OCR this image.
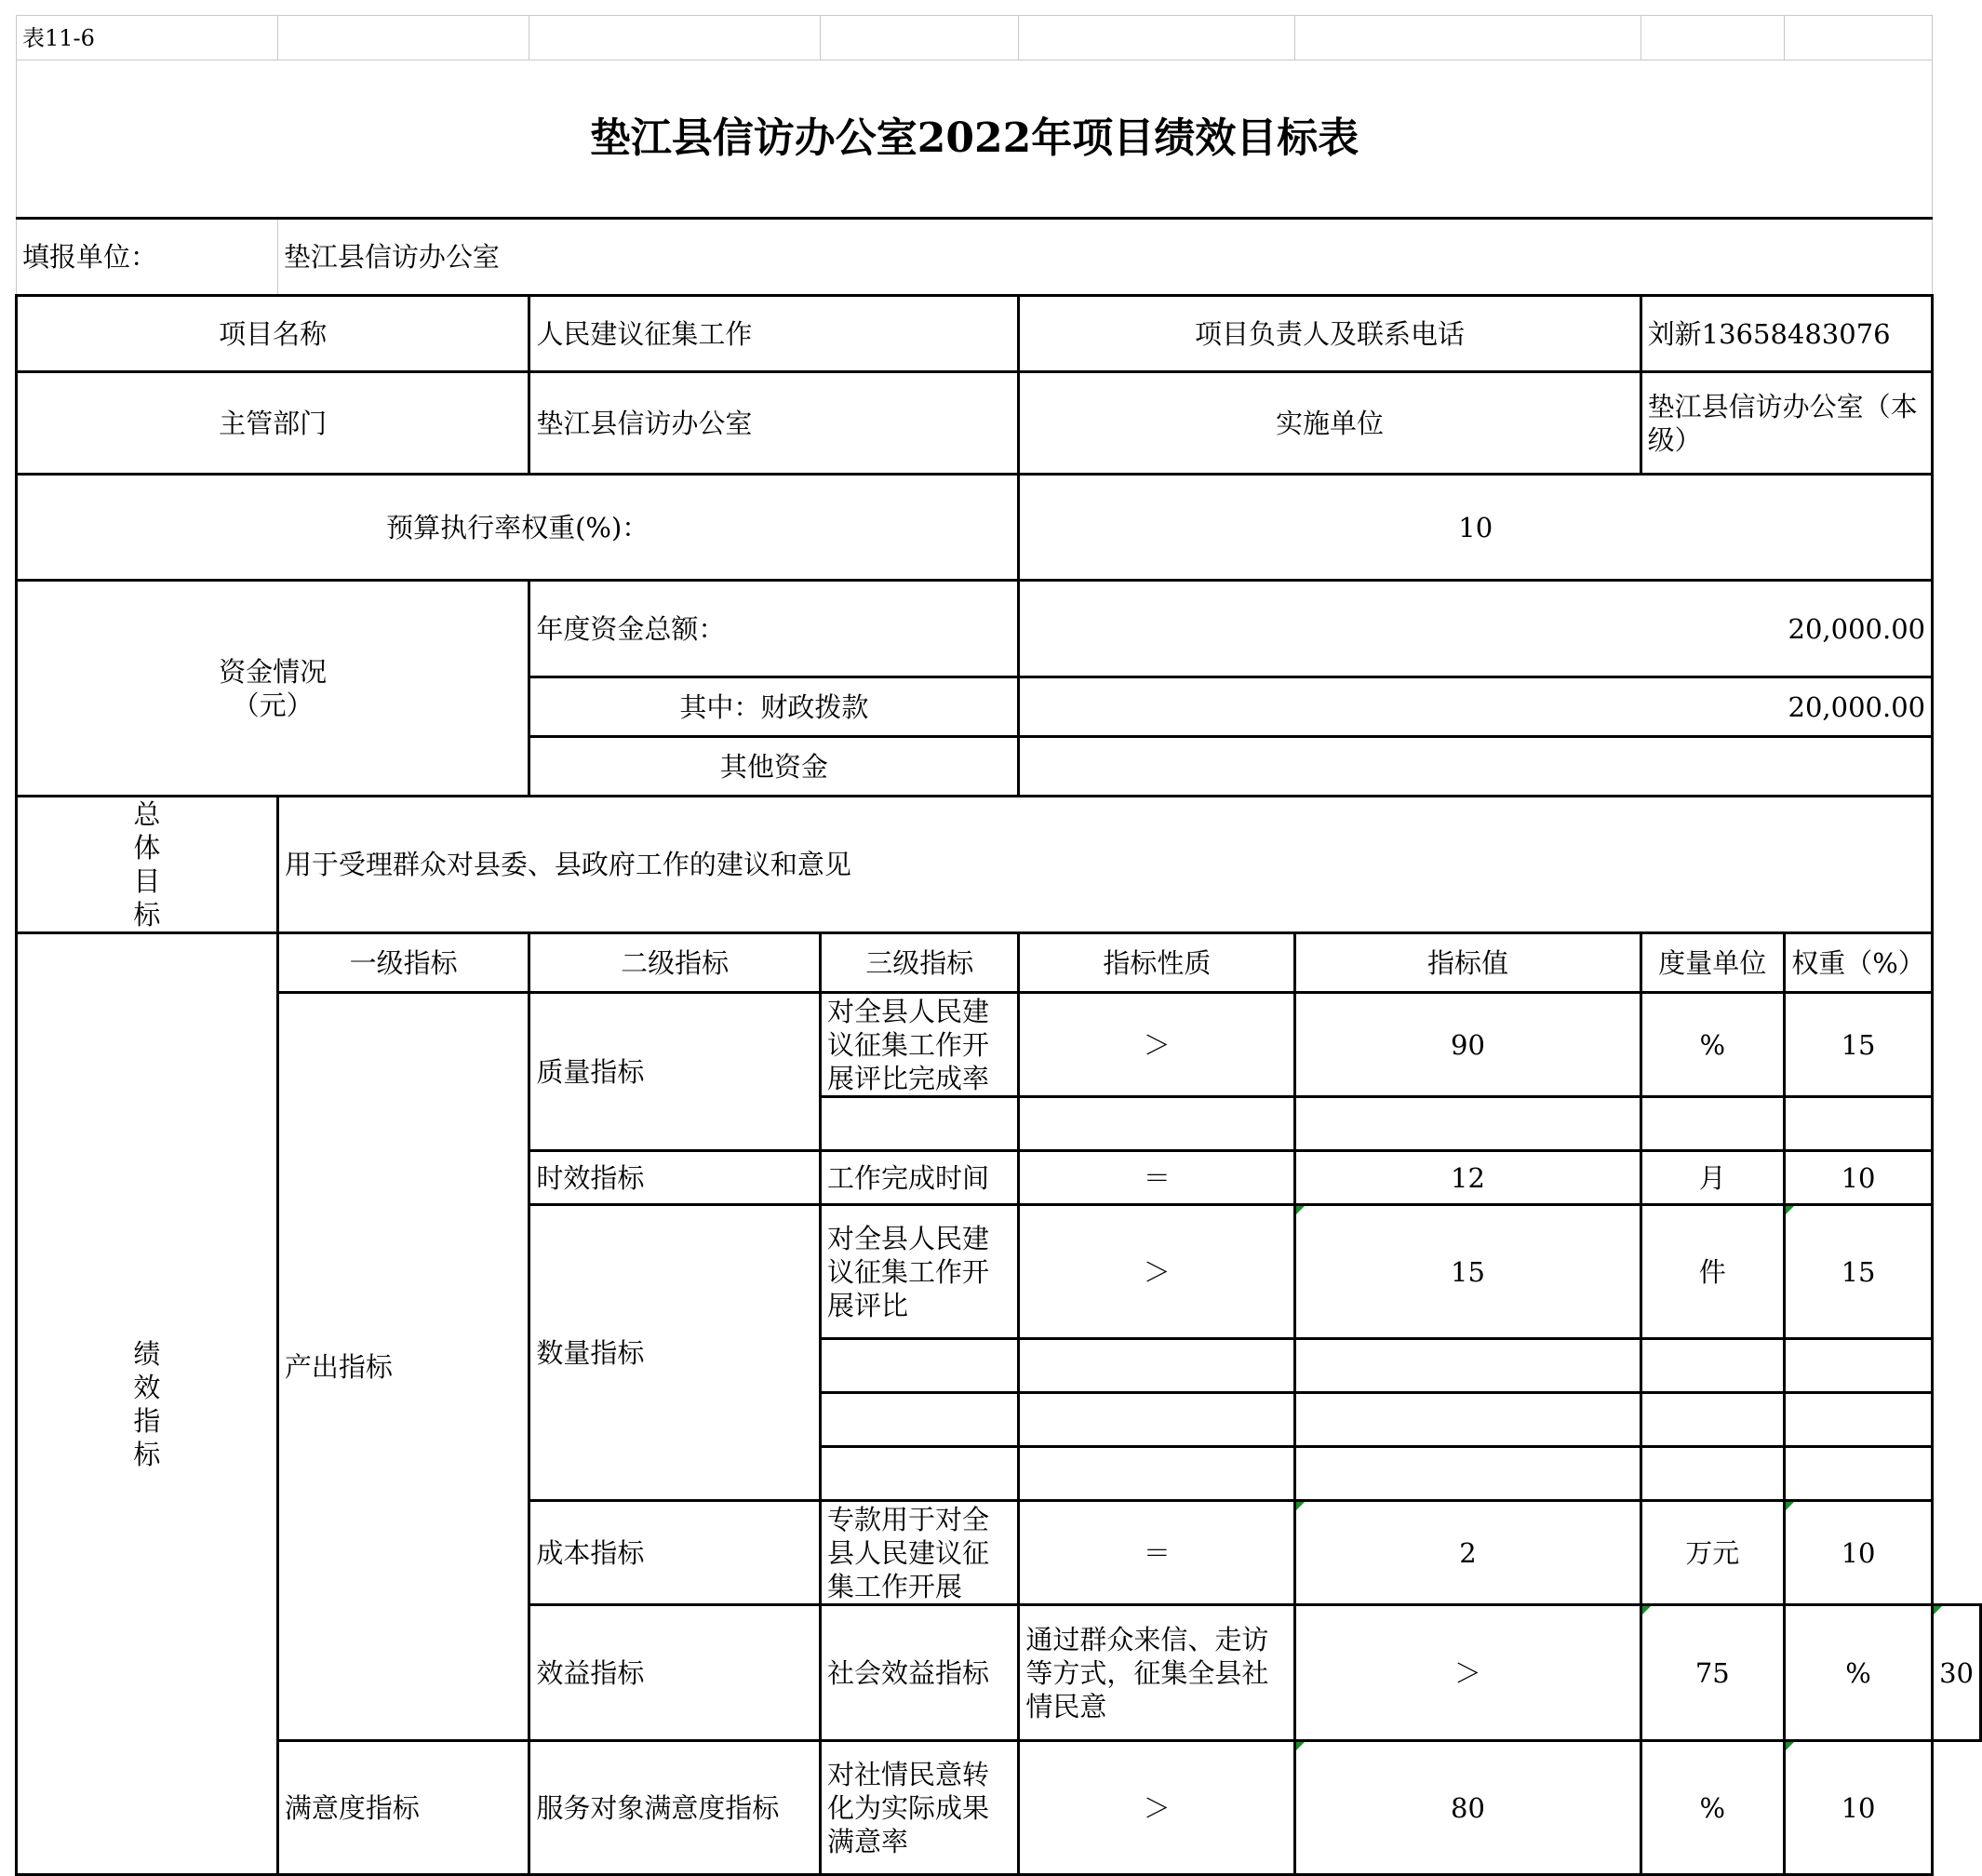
表11-6								
垫江县信访办公室2022年项目绩效目标表								
填报单位：	垫江县信访办公室							
项目名称		人民建议征集工作		项目负责人及联系电话		刘新13658483076		
主管部门		垫江县信访办公室		实施单位		垫江县信访办公室（本级）		
预算执行率权重(%)：				10				
资金情况（元）		年度资金总额：		20,000.00				
		其中：财政拨款		20,000.00				
		其他资金						
总体目标	用于受理群众对县委、县政府工作的建议和意见							
绩效指标	一级指标	二级指标	三级指标	指标性质	指标值	度量单位	权重（%）	
	产出指标	质量指标	对全县人民建议征集工作开展评比完成率	＞	90	%	15	

		时效指标	工作完成时间	＝	12	月	10	
		数量指标	对全县人民建议征集工作开展评比	＞	15	件	15	

		成本指标	专款用于对全县人民建议征集工作开展	＝	2	万元	10	
		效益指标	社会效益指标	通过群众来信、走访等方式，征集全县社情民意	＞	75	%	30
	满意度指标	服务对象满意度指标	对社情民意转化为实际成果满意率	＞	80	%	10	
